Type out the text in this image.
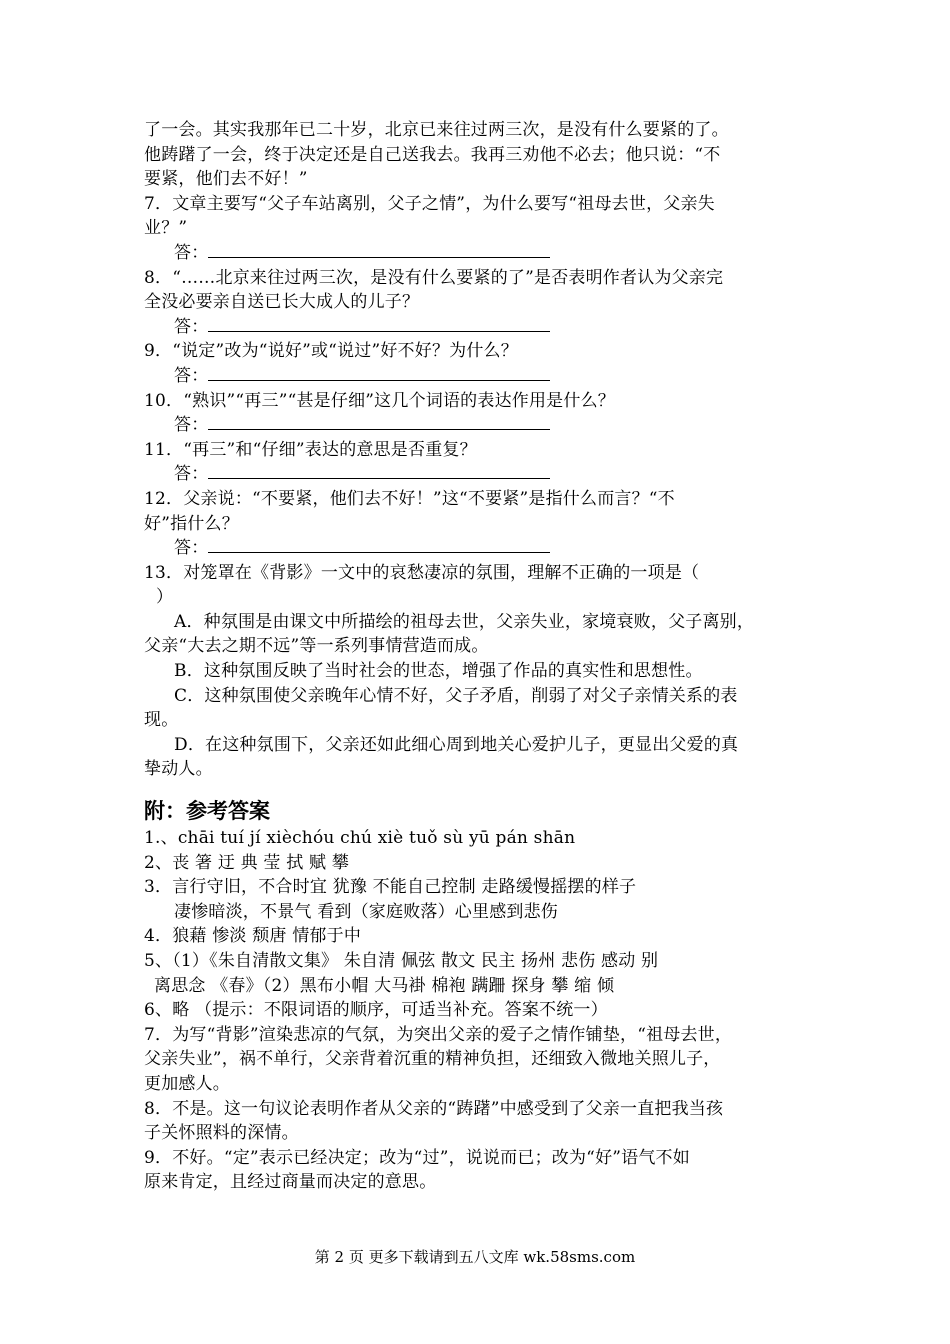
了一会。其实我那年已二十岁，北京已来往过两三次，是没有什么要紧的了。
他踌躇了一会，终于决定还是自己送我去。我再三劝他不必去；他只说：“不
要紧，他们去不好！”
7．文章主要写“父子车站离别，父子之情”，为什么要写“祖母去世，父亲失
业？”
答：
8．“……北京来往过两三次，是没有什么要紧的了”是否表明作者认为父亲完
全没必要亲自送已长大成人的儿子？
答：
9．“说定”改为“说好”或“说过”好不好？为什么？
答：
10．“熟识”“再三”“甚是仔细”这几个词语的表达作用是什么？
答：
11．“再三”和“仔细”表达的意思是否重复？
答：
12．父亲说：“不要紧，他们去不好！”这“不要紧”是指什么而言？“不
好”指什么？
答：
13．对笼罩在《背影》一文中的哀愁凄凉的氛围，理解不正确的一项是（
）
A．种氛围是由课文中所描绘的祖母去世，父亲失业，家境衰败，父子离别，
父亲“大去之期不远”等一系列事情营造而成。
B．这种氛围反映了当时社会的世态，增强了作品的真实性和思想性。
C．这种氛围使父亲晚年心情不好，父子矛盾，削弱了对父子亲情关系的表
现。
D．在这种氛围下，父亲还如此细心周到地关心爱护儿子，更显出父爱的真
挚动人。
附：参考答案
1.、chāi tuí jí xièchóu chú xiè tuǒ sù yū pán shān
2、丧 箸 迂 典 莹 拭 赋 攀
3．言行守旧，不合时宜 犹豫 不能自己控制 走路缓慢摇摆的样子
凄惨暗淡，不景气 看到（家庭败落）心里感到悲伤
4．狼藉 惨淡 颓唐 情郁于中
5、（1）《朱自清散文集》 朱自清 佩弦 散文 民主 扬州 悲伤 感动 别
离思念 《春》（2）黑布小帽 大马褂 棉袍 蹒跚 探身 攀 缩 倾
6、略 （提示：不限词语的顺序，可适当补充。答案不统一）
7．为写“背影”渲染悲凉的气氛，为突出父亲的爱子之情作铺垫，“祖母去世，
父亲失业”，祸不单行，父亲背着沉重的精神负担，还细致入微地关照儿子，
更加感人。
8．不是。这一句议论表明作者从父亲的“踌躇”中感受到了父亲一直把我当孩
子关怀照料的深情。
9．不好。“定”表示已经决定；改为“过”，说说而已；改为“好”语气不如
原来肯定，且经过商量而决定的意思。
第 2 页 更多下载请到五八文库 wk.58sms.com
